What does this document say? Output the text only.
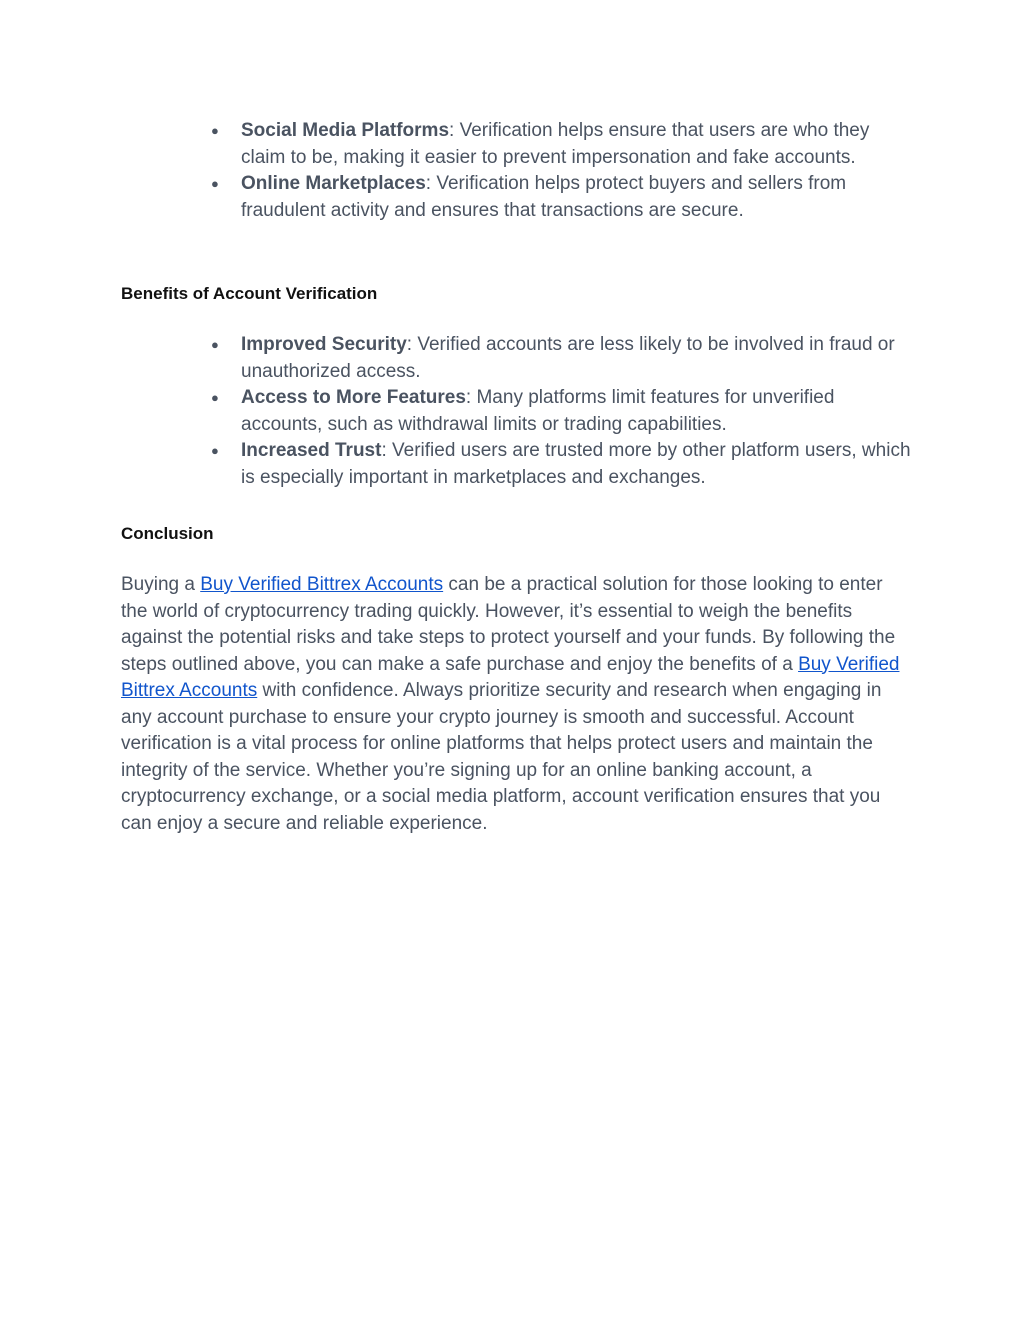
● Social Media Platforms: Verification helps ensure that users are who they claim to be, making it easier to prevent impersonation and fake accounts.
● Online Marketplaces: Verification helps protect buyers and sellers from fraudulent activity and ensures that transactions are secure.
Benefits of Account Verification
● Improved Security: Verified accounts are less likely to be involved in fraud or unauthorized access.
● Access to More Features: Many platforms limit features for unverified accounts, such as withdrawal limits or trading capabilities.
● Increased Trust: Verified users are trusted more by other platform users, which is especially important in marketplaces and exchanges.
Conclusion

Buying a Buy Verified Bittrex Accounts can be a practical solution for those looking to enter the world of cryptocurrency trading quickly. However, it’s essential to weigh the benefits against the potential risks and take steps to protect yourself and your funds. By following the steps outlined above, you can make a safe purchase and enjoy the benefits of a Buy Verified Bittrex Accounts with confidence. Always prioritize security and research when engaging in any account purchase to ensure your crypto journey is smooth and successful. Account verification is a vital process for online platforms that helps protect users and maintain the integrity of the service. Whether you’re signing up for an online banking account, a cryptocurrency exchange, or a social media platform, account verification ensures that you can enjoy a secure and reliable experience.
